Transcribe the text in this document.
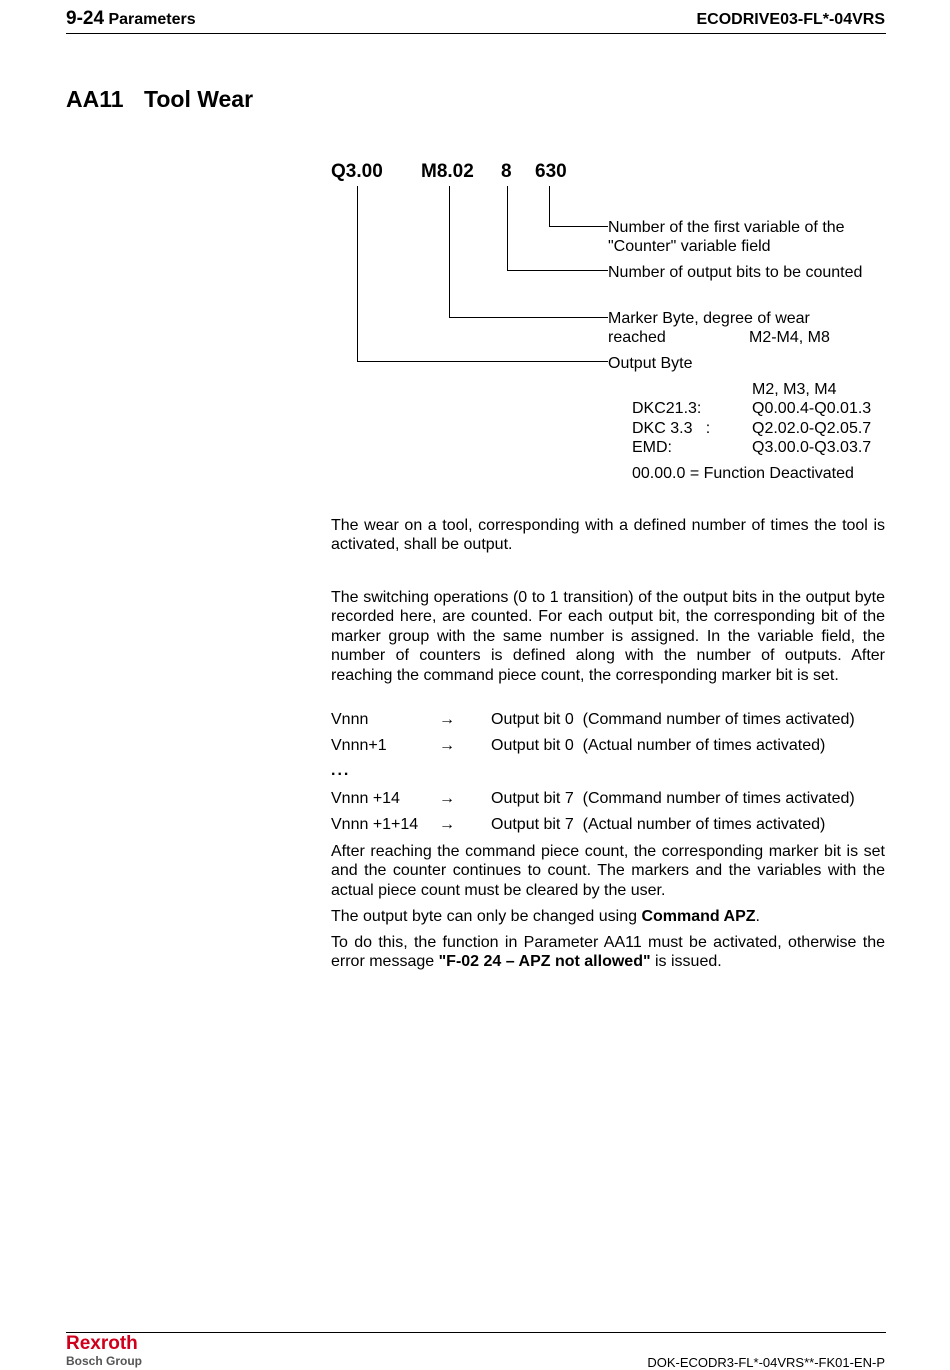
9-24 Parameters	ECODRIVE03-FL*-04VRS
AA11 Tool Wear
Q3.00 M8.02 8 630
Number of the first variable of the
"Counter" variable field
Number of output bits to be counted
Marker Byte, degree of wear
reached	M2-M4, M8
Output Byte
M2, M3, M4
DKC21.3:	Q0.00.4-Q0.01.3
DKC 3.3   :	Q2.02.0-Q2.05.7
EMD:	Q3.00.0-Q3.03.7
00.00.0 = Function Deactivated
The wear on a tool, corresponding with a defined number of times the tool is activated, shall be output.
The switching operations (0 to 1 transition) of the output bits in the output byte recorded here, are counted. For each output bit, the corresponding bit of the marker group with the same number is assigned. In the variable field, the number of counters is defined along with the number of outputs. After reaching the command piece count, the corresponding marker bit is set.
Vnnn	→ Output bit 0  (Command number of times activated)
Vnnn+1	→ Output bit 0  (Actual number of times activated)
...
Vnnn +14 → Output bit 7  (Command number of times activated)
Vnnn +1+14 → Output bit 7  (Actual number of times activated)
After reaching the command piece count, the corresponding marker bit is set and the counter continues to count. The markers and the variables with the actual piece count must be cleared by the user.
The output byte can only be changed using Command APZ.
To do this, the function in Parameter AA11 must be activated, otherwise the error message "F-02 24 – APZ not allowed" is issued.
Rexroth
Bosch Group	DOK-ECODR3-FL*-04VRS**-FK01-EN-P
